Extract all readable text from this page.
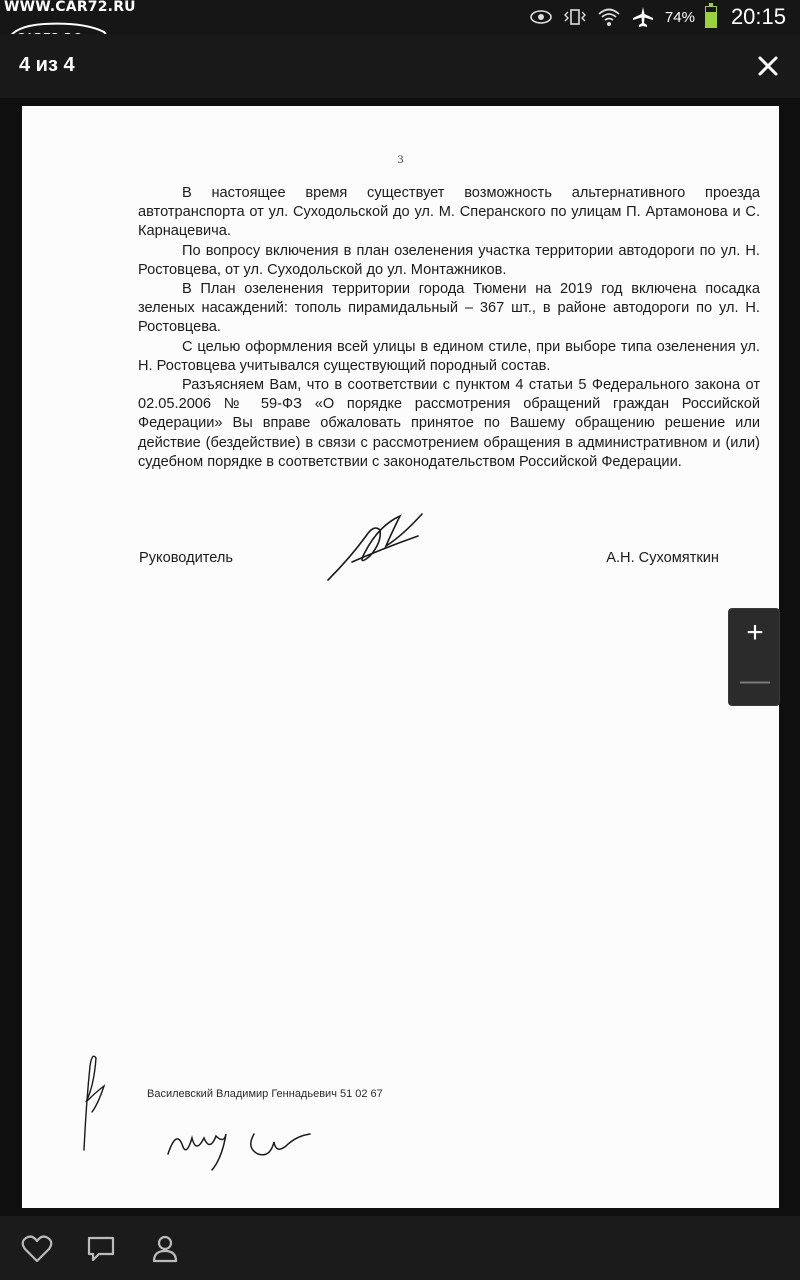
WWW.CAR72.RU
74% 20:15
4 из 4
3

В настоящее время существует возможность альтернативного проезда автотранспорта от ул. Суходольской до ул. М. Сперанского по улицам П. Артамонова и С. Карнацевича.

По вопросу включения в план озеленения участка территории автодороги по ул. Н. Ростовцева, от ул. Суходольской до ул. Монтажников.

В План озеленения территории города Тюмени на 2019 год включена посадка зеленых насаждений: тополь пирамидальный – 367 шт., в районе автодороги по ул. Н. Ростовцева.

С целью оформления всей улицы в едином стиле, при выборе типа озеленения ул. Н. Ростовцева учитывался существующий породный состав.

Разъясняем Вам, что в соответствии с пунктом 4 статьи 5 Федерального закона от 02.05.2006 № 59-ФЗ «О порядке рассмотрения обращений граждан Российской Федерации» Вы вправе обжаловать принятое по Вашему обращению решение или действие (бездействие) в связи с рассмотрением обращения в административном и (или) судебном порядке в соответствии с законодательством Российской Федерации.

Руководитель	А.Н. Сухомяткин
Василевский Владимир Геннадьевич 51 02 67
+
—
